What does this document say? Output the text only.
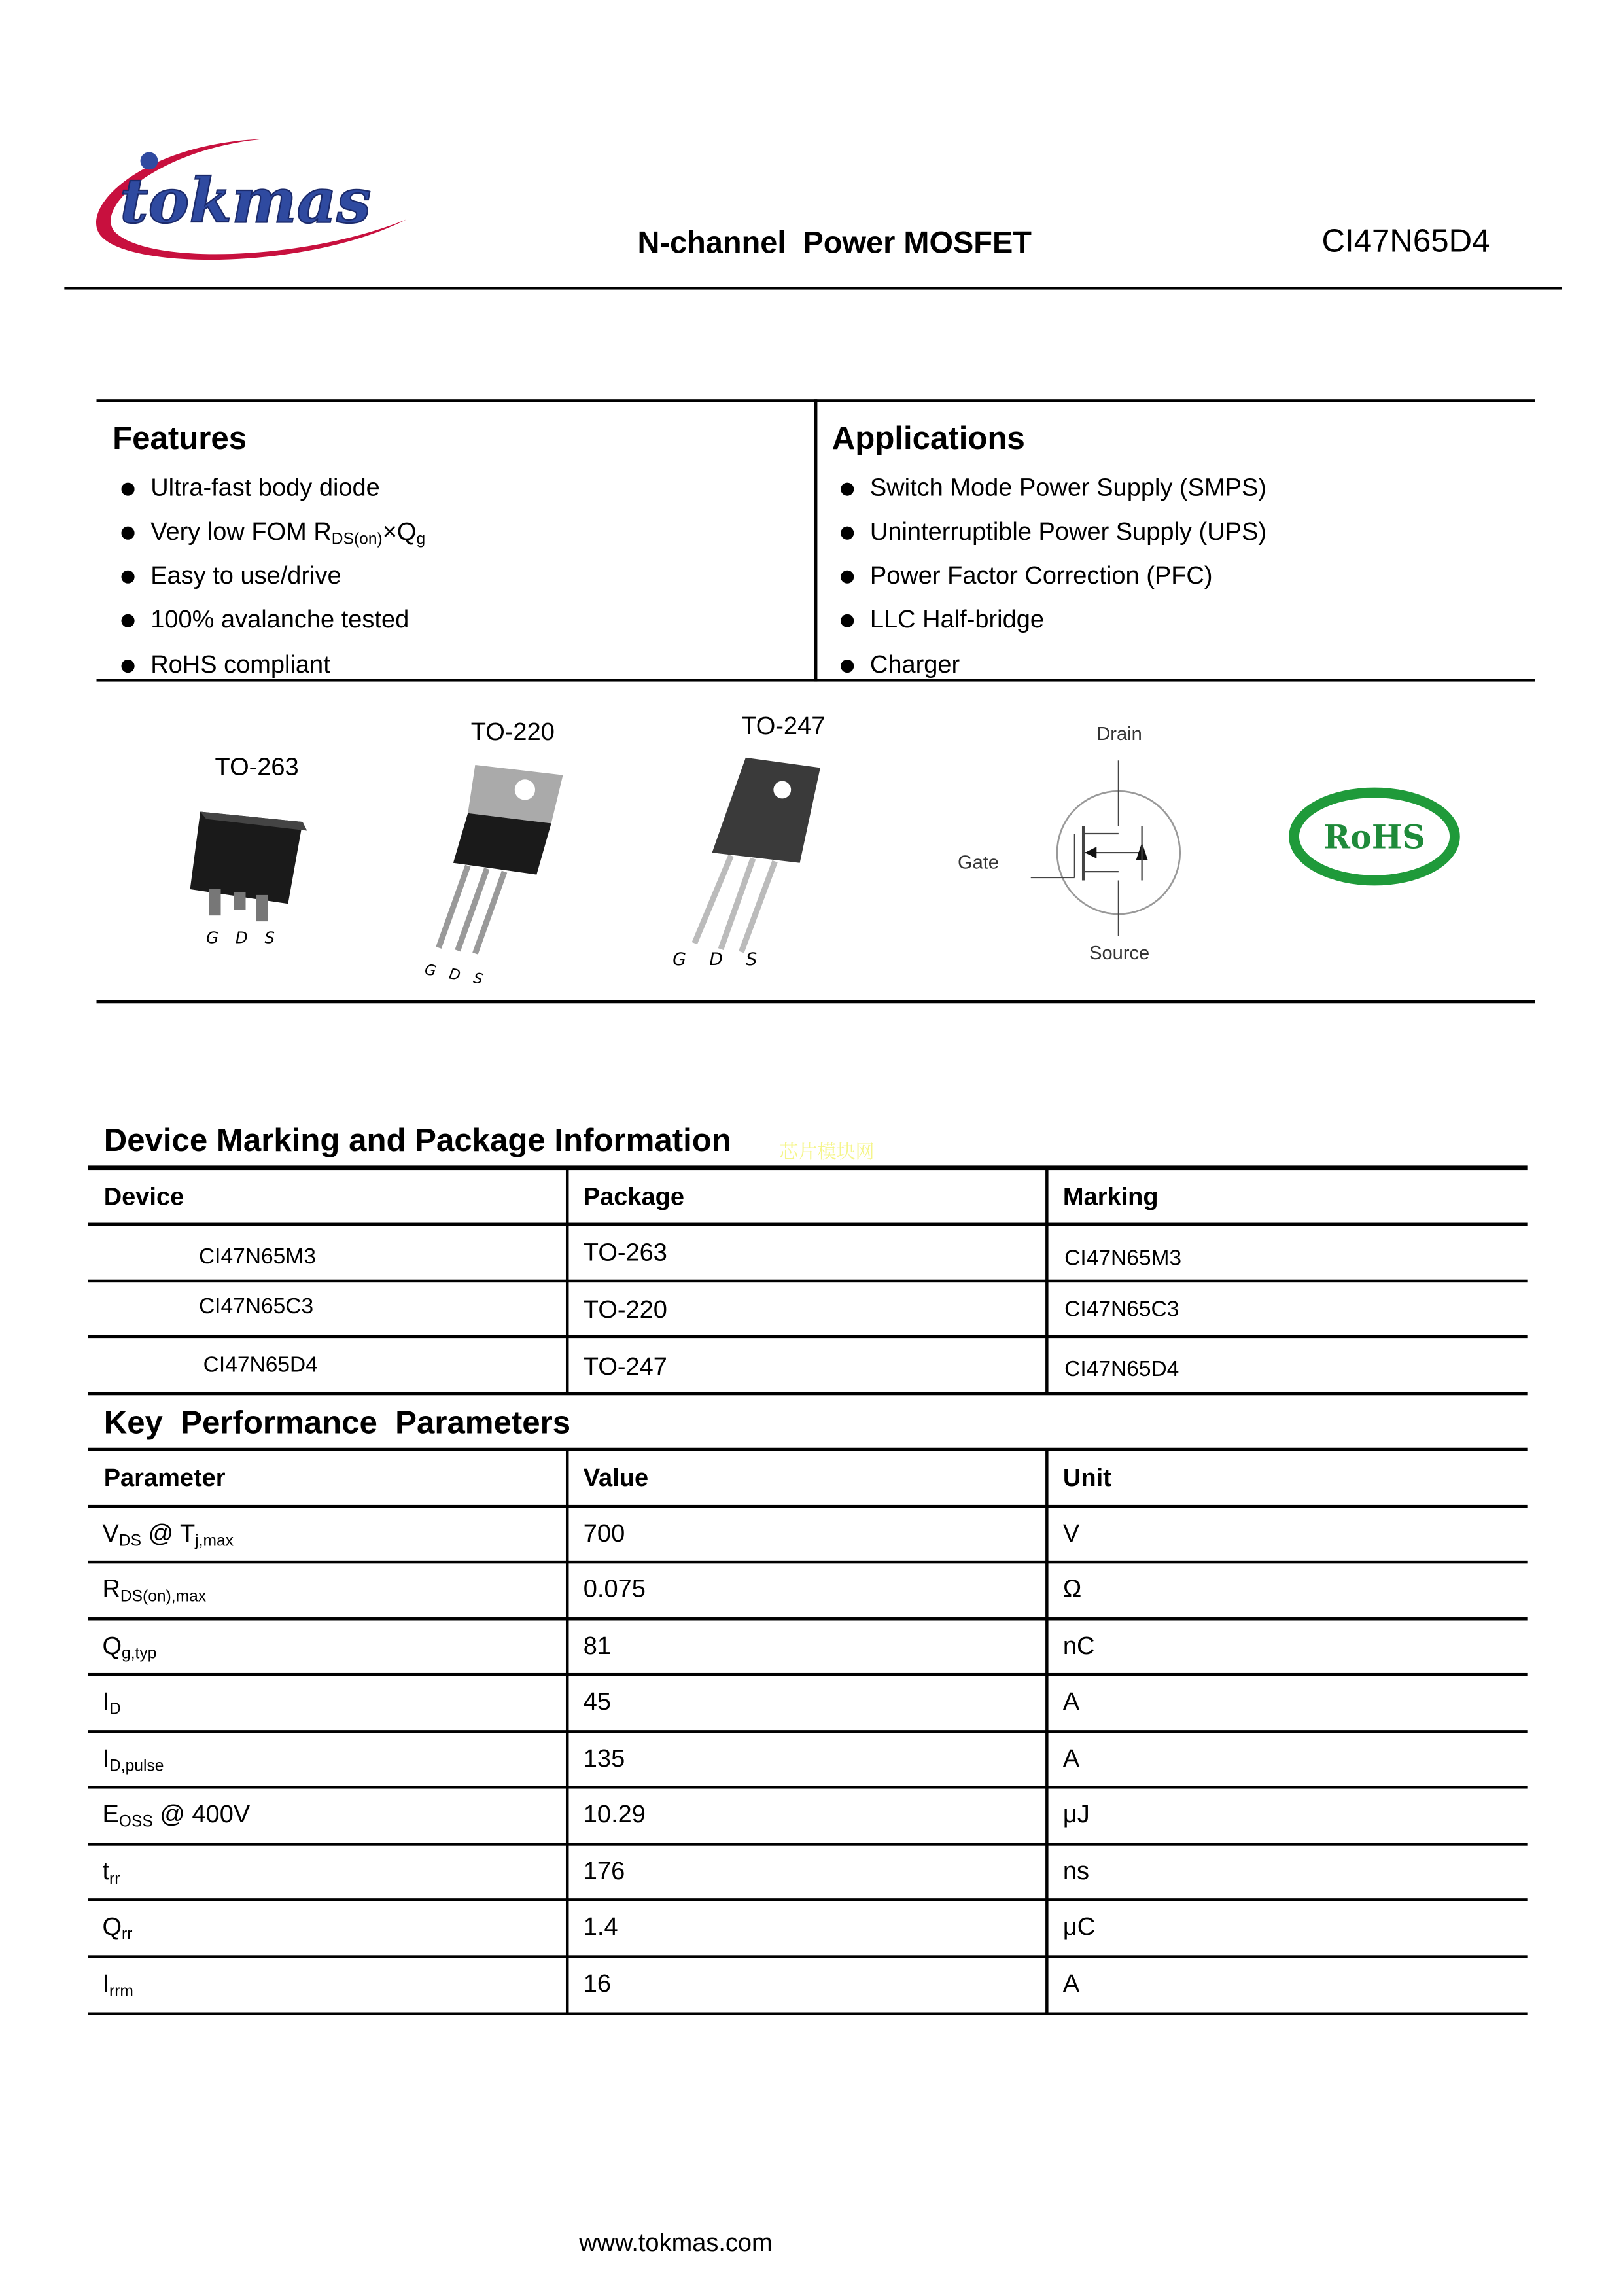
tokmas
N-channel  Power MOSFET	CI47N65D4
Features
Ultra-fast body diode
Very low FOM $R_{DS(on)}\times Q_g$
Easy to use/drive
100% avalanche tested
RoHS compliant
Applications
Switch Mode Power Supply (SMPS)
Uninterruptible Power Supply (UPS)
Power Factor Correction (PFC)
LLC Half-bridge
Charger
TO-263
TO-220	TO-247
G D S
G D S
G D S
Drain
Gate
Source
RoHS
Device Marking and Package Information	芯片模块网
Device	Package	Marking
CI47N65M3	TO-263	CI47N65M3
CI47N65C3	TO-220	CI47N65C3
CI47N65D4	TO-247	CI47N65D4
Key  Performance  Parameters
Parameter	Value	Unit
$V_{DS}$ @ $T_{j,max}$	700	V
$R_{DS(on),max}$	0.075	Ω
$Q_{g,typ}$	81	nC
$I_D$	45	A
$I_{D,pulse}$	135	A
$E_{OSS}$ @ 400V	10.29	μJ
$t_{rr}$	176	ns
$Q_{rr}$	1.4	μC
$I_{rrm}$	16	A
www.tokmas.com
